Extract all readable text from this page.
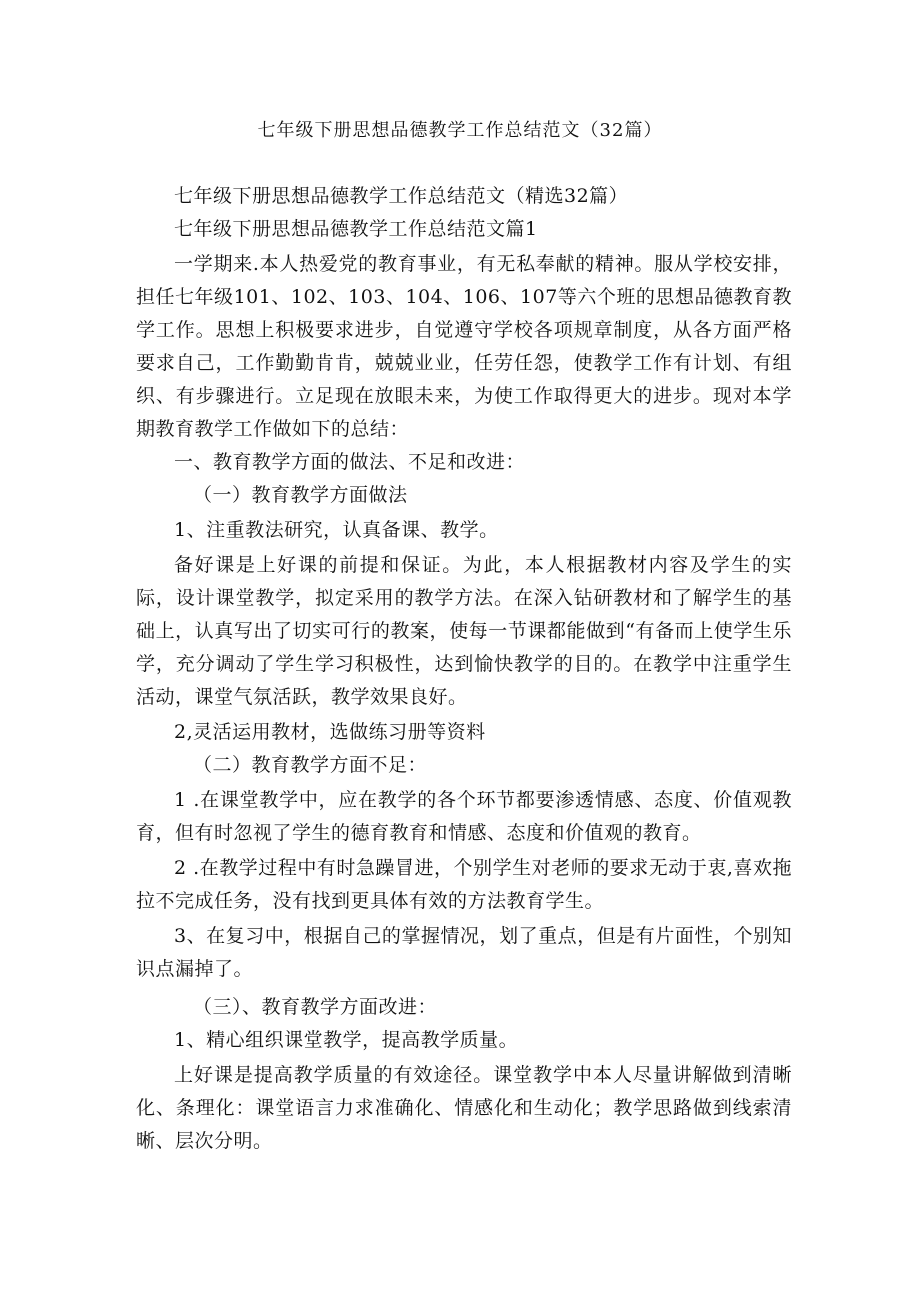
七年级下册思想品德教学工作总结范文（32篇）

七年级下册思想品德教学工作总结范文（精选32篇）

七年级下册思想品德教学工作总结范文篇1

一学期来.本人热爱党的教育事业，有无私奉献的精神。服从学校安排，担任七年级101、102、103、104、106、107等六个班的思想品德教育教学工作。思想上积极要求进步，自觉遵守学校各项规章制度，从各方面严格要求自己，工作勤勤肯肯，兢兢业业，任劳任怨，使教学工作有计划、有组织、有步骤进行。立足现在放眼未来，为使工作取得更大的进步。现对本学期教育教学工作做如下的总结：

一、教育教学方面的做法、不足和改进：

（一）教育教学方面做法

1、注重教法研究，认真备课、教学。

备好课是上好课的前提和保证。为此，本人根据教材内容及学生的实际，设计课堂教学，拟定采用的教学方法。在深入钻研教材和了解学生的基础上，认真写出了切实可行的教案，使每一节课都能做到“有备而上使学生乐学，充分调动了学生学习积极性，达到愉快教学的目的。在教学中注重学生活动，课堂气氛活跃，教学效果良好。

2,灵活运用教材，选做练习册等资料

（二）教育教学方面不足：

1 .在课堂教学中，应在教学的各个环节都要渗透情感、态度、价值观教育，但有时忽视了学生的德育教育和情感、态度和价值观的教育。

2 .在教学过程中有时急躁冒进，个别学生对老师的要求无动于衷,喜欢拖拉不完成任务，没有找到更具体有效的方法教育学生。

3、在复习中，根据自己的掌握情况，划了重点，但是有片面性，个别知识点漏掉了。

（三）、教育教学方面改进：

1、精心组织课堂教学，提高教学质量。

上好课是提高教学质量的有效途径。课堂教学中本人尽量讲解做到清晰化、条理化：课堂语言力求准确化、情感化和生动化；教学思路做到线索清晰、层次分明。
